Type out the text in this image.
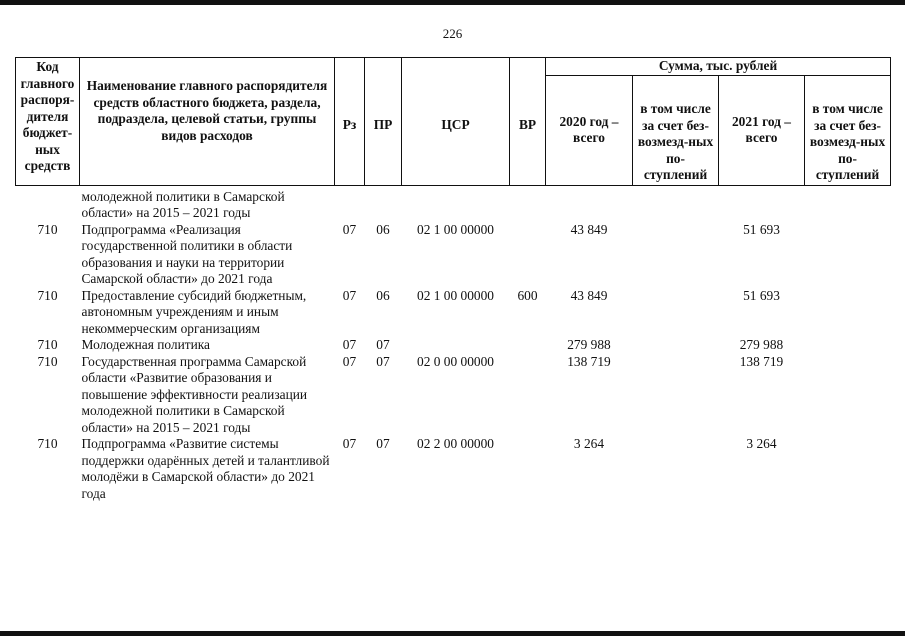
226
Код главного распоря-дителя бюджет-ных средств	Наименование главного распорядителя средств областного бюджета, раздела, подраздела, целевой статьи, группы видов расходов	Рз	ПР	ЦСР	ВР	Сумма, тыс. рублей			
						2020 год – всего	в том числе за счет без-возмезд-ных по-ступлений	2021 год – всего	в том числе за счет без-возмезд-ных по-ступлений
	молодежной политики в Самарской области» на 2015 – 2021 годы								
710	Подпрограмма «Реализация государственной политики в области образования и науки на территории Самарской области» до 2021 года	07	06	02 1 00 00000		43 849		51 693	
710	Предоставление субсидий бюджетным, автономным учреждениям и иным некоммерческим организациям	07	06	02 1 00 00000	600	43 849		51 693	
710	Молодежная политика	07	07			279 988		279 988	
710	Государственная программа Самарской области «Развитие образования и повышение эффективности реализации молодежной политики в Самарской области» на 2015 – 2021 годы	07	07	02 0 00 00000		138 719		138 719	
710	Подпрограмма «Развитие системы поддержки одарённых детей и талантливой молодёжи в Самарской области» до 2021 года	07	07	02 2 00 00000		3 264		3 264	
